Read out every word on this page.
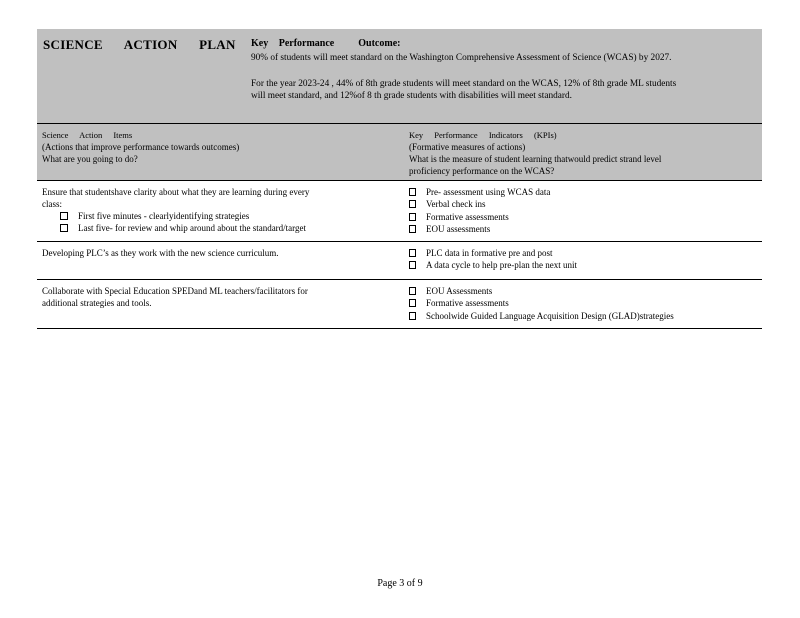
SCIENCE ACTION PLAN Key Performance Outcome:
90% of students will meet standard on the Washington Comprehensive Assessment of Science (WCAS) by 2027.
For the year 2023-24 , 44% of 8th grade students will meet standard on the WCAS, 12% of 8th grade ML students
will meet standard, and 12%of 8 th grade students with disabilities will meet standard.
Science Action Items
(Actions that improve performance towards outcomes)
What are you going to do?
Key Performance Indicators (KPIs)
(Formative measures of actions)
What is the measure of student learning thatwould predict strand level
proficiency performance on the WCAS?
Ensure that studentshave clarity about what they are learning during every
class:
First five minutes - clearlyidentifying strategies
Last five- for review and whip around about the standard/target
Pre- assessment using WCAS data
Verbal check ins
Formative assessments
EOU assessments
Developing PLC’s as they work with the new science curriculum.	PLC data in formative pre and post
A data cycle to help pre-plan the next unit
Collaborate with Special Education SPEDand ML teachers/facilitators for
additional strategies and tools.
EOU Assessments
Formative assessments
Schoolwide Guided Language Acquisition Design (GLAD)strategies
Page 3 of 9
